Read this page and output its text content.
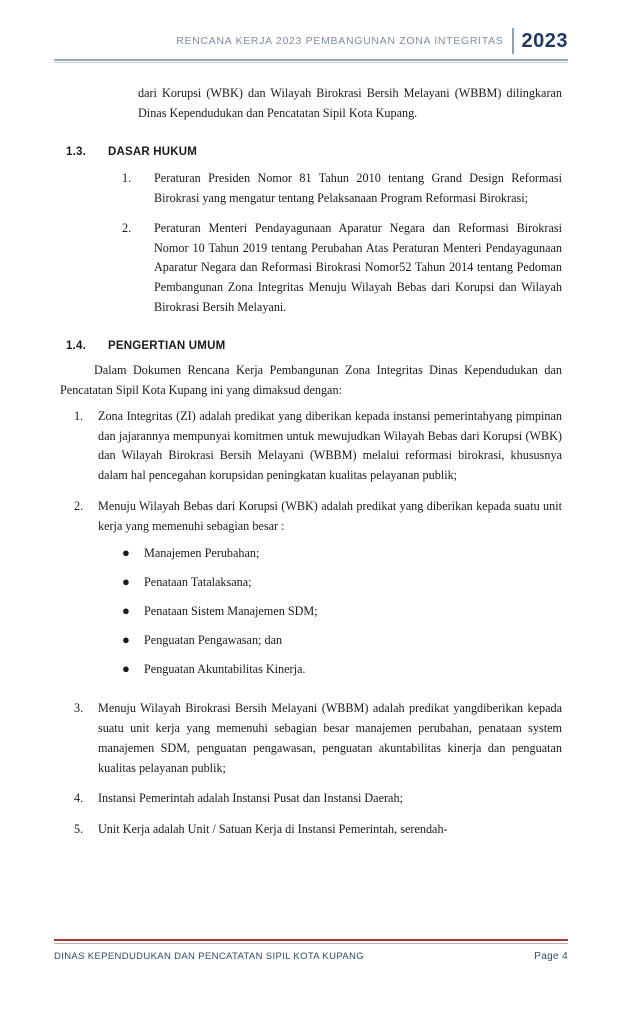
RENCANA KERJA 2023 PEMBANGUNAN ZONA INTEGRITAS 2023

dari Korupsi (WBK) dan Wilayah Birokrasi Bersih Melayani (WBBM) dilingkaran Dinas Kependudukan dan Pencatatan Sipil Kota Kupang.

1.3.	DASAR HUKUM
1.	Peraturan Presiden Nomor 81 Tahun 2010 tentang Grand Design Reformasi Birokrasi yang mengatur tentang Pelaksanaan Program Reformasi Birokrasi;
2.	Peraturan Menteri Pendayagunaan Aparatur Negara dan Reformasi Birokrasi Nomor 10 Tahun 2019 tentang Perubahan Atas Peraturan Menteri Pendayagunaan Aparatur Negara dan Reformasi Birokrasi Nomor52 Tahun 2014 tentang Pedoman Pembangunan Zona Integritas Menuju Wilayah Bebas dari Korupsi dan Wilayah Birokrasi Bersih Melayani.
1.4.	PENGERTIAN UMUM

Dalam Dokumen Rencana Kerja Pembangunan Zona Integritas Dinas Kependudukan dan Pencatatan Sipil Kota Kupang ini yang dimaksud dengan:

1.	Zona Integritas (ZI) adalah predikat yang diberikan kepada instansi pemerintahyang pimpinan dan jajarannya mempunyai komitmen untuk mewujudkan Wilayah Bebas dari Korupsi (WBK) dan Wilayah Birokrasi Bersih Melayani (WBBM) melalui reformasi birokrasi, khususnya dalam hal pencegahan korupsidan peningkatan kualitas pelayanan publik;
2.	Menuju Wilayah Bebas dari Korupsi (WBK) adalah predikat yang diberikan kepada suatu unit kerja yang memenuhi sebagian besar :
●	Manajemen Perubahan;
●	Penataan Tatalaksana;
●	Penataan Sistem Manajemen SDM;
●	Penguatan Pengawasan; dan
●	Penguatan Akuntabilitas Kinerja.
3.	Menuju Wilayah Birokrasi Bersih Melayani (WBBM) adalah predikat yangdiberikan kepada suatu unit kerja yang memenuhi sebagian besar manajemen perubahan, penataan system manajemen SDM, penguatan pengawasan, penguatan akuntabilitas kinerja dan penguatan kualitas pelayanan publik;
4.	Instansi Pemerintah adalah Instansi Pusat dan Instansi Daerah;
5.	Unit Kerja adalah Unit / Satuan Kerja di Instansi Pemerintah, serendah-
DINAS KEPENDUDUKAN DAN PENCATATAN SIPIL KOTA KUPANG	Page 4
